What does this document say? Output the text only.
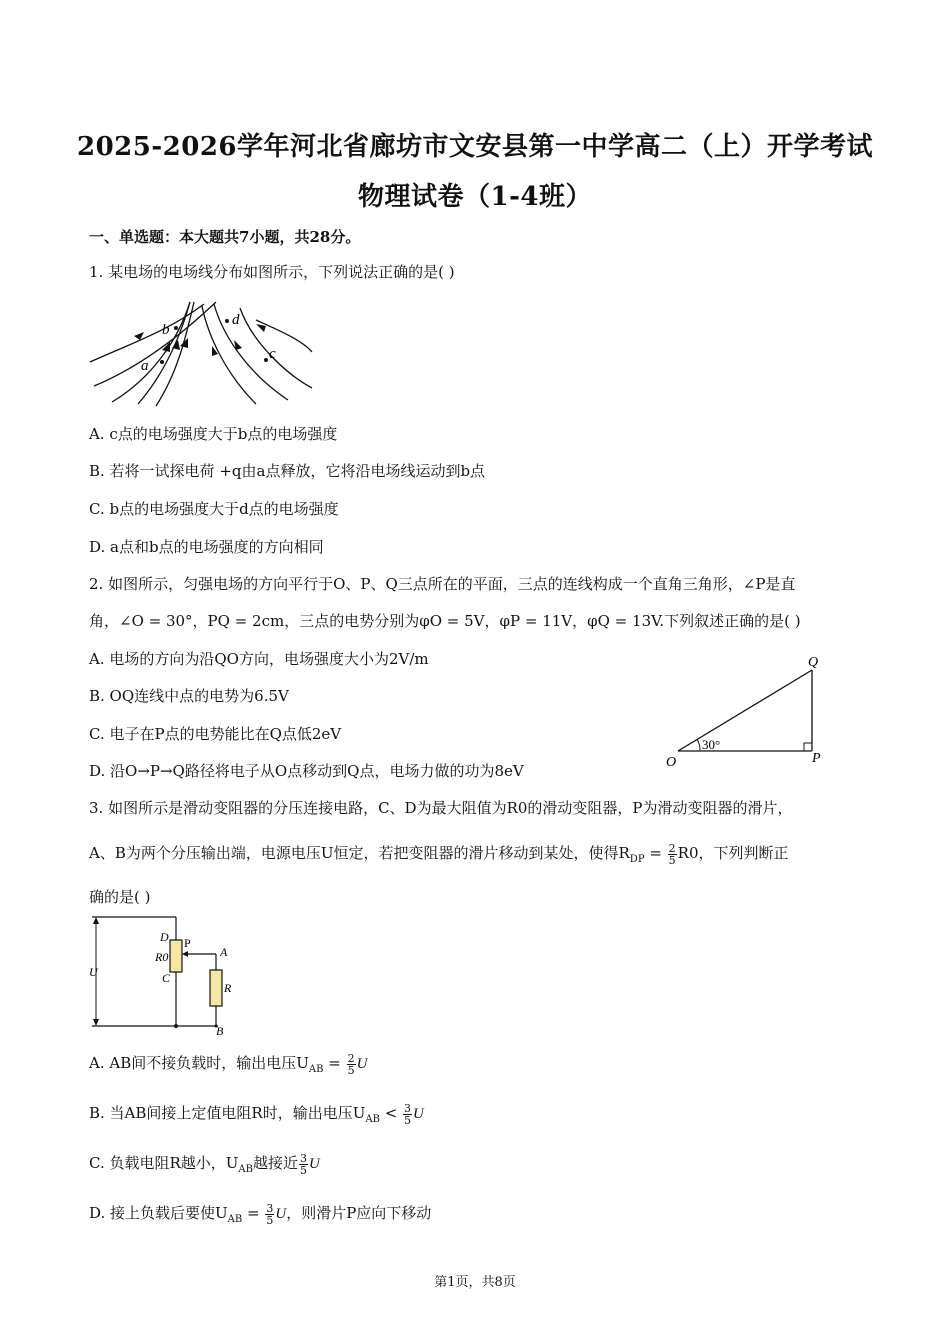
2025-2026学年河北省廊坊市文安县第一中学高二（上）开学考试
物理试卷（1-4班）
一、单选题：本大题共7小题，共28分。
1. 某电场的电场线分布如图所示，下列说法正确的是( )
a
b
c
d
A. c点的电场强度大于b点的电场强度
B. 若将一试探电荷 +q由a点释放，它将沿电场线运动到b点
C. b点的电场强度大于d点的电场强度
D. a点和b点的电场强度的方向相同
2. 如图所示，匀强电场的方向平行于O、P、Q三点所在的平面，三点的连线构成一个直角三角形，∠P是直
角，∠O = 30°，PQ = 2cm，三点的电势分别为φO = 5V，φP = 11V，φQ = 13V.下列叙述正确的是( )
A. 电场的方向为沿QO方向，电场强度大小为2V/m
B. OQ连线中点的电势为6.5V
C. 电子在P点的电势能比在Q点低2eV
D. 沿O→P→Q路径将电子从O点移动到Q点，电场力做的功为8eV	O	P
Q
30°
3. 如图所示是滑动变阻器的分压连接电路，C、D为最大阻值为R0的滑动变阻器，P为滑动变阻器的滑片，
A、B为两个分压输出端，电源电压U恒定，若把变阻器的滑片移动到某处，使得$R_{DP} = \frac{2}{5} R0$，下列判断正
确的是( )
D P
R0
C
A
R
U
B
A. AB间不接负载时，输出电压$U_{AB} = \frac{2}{5}$ U
B. 当AB间接上定值电阻R时，输出电压$U_{AB} < \frac{3}{5}$ U
C. 负载电阻R越小，$U_{AB}$越接近 $\frac{3}{5}$ U
D. 接上负载后要使$U_{AB} = \frac{3}{5}$ U，则滑片P应向下移动
第1页，共8页
